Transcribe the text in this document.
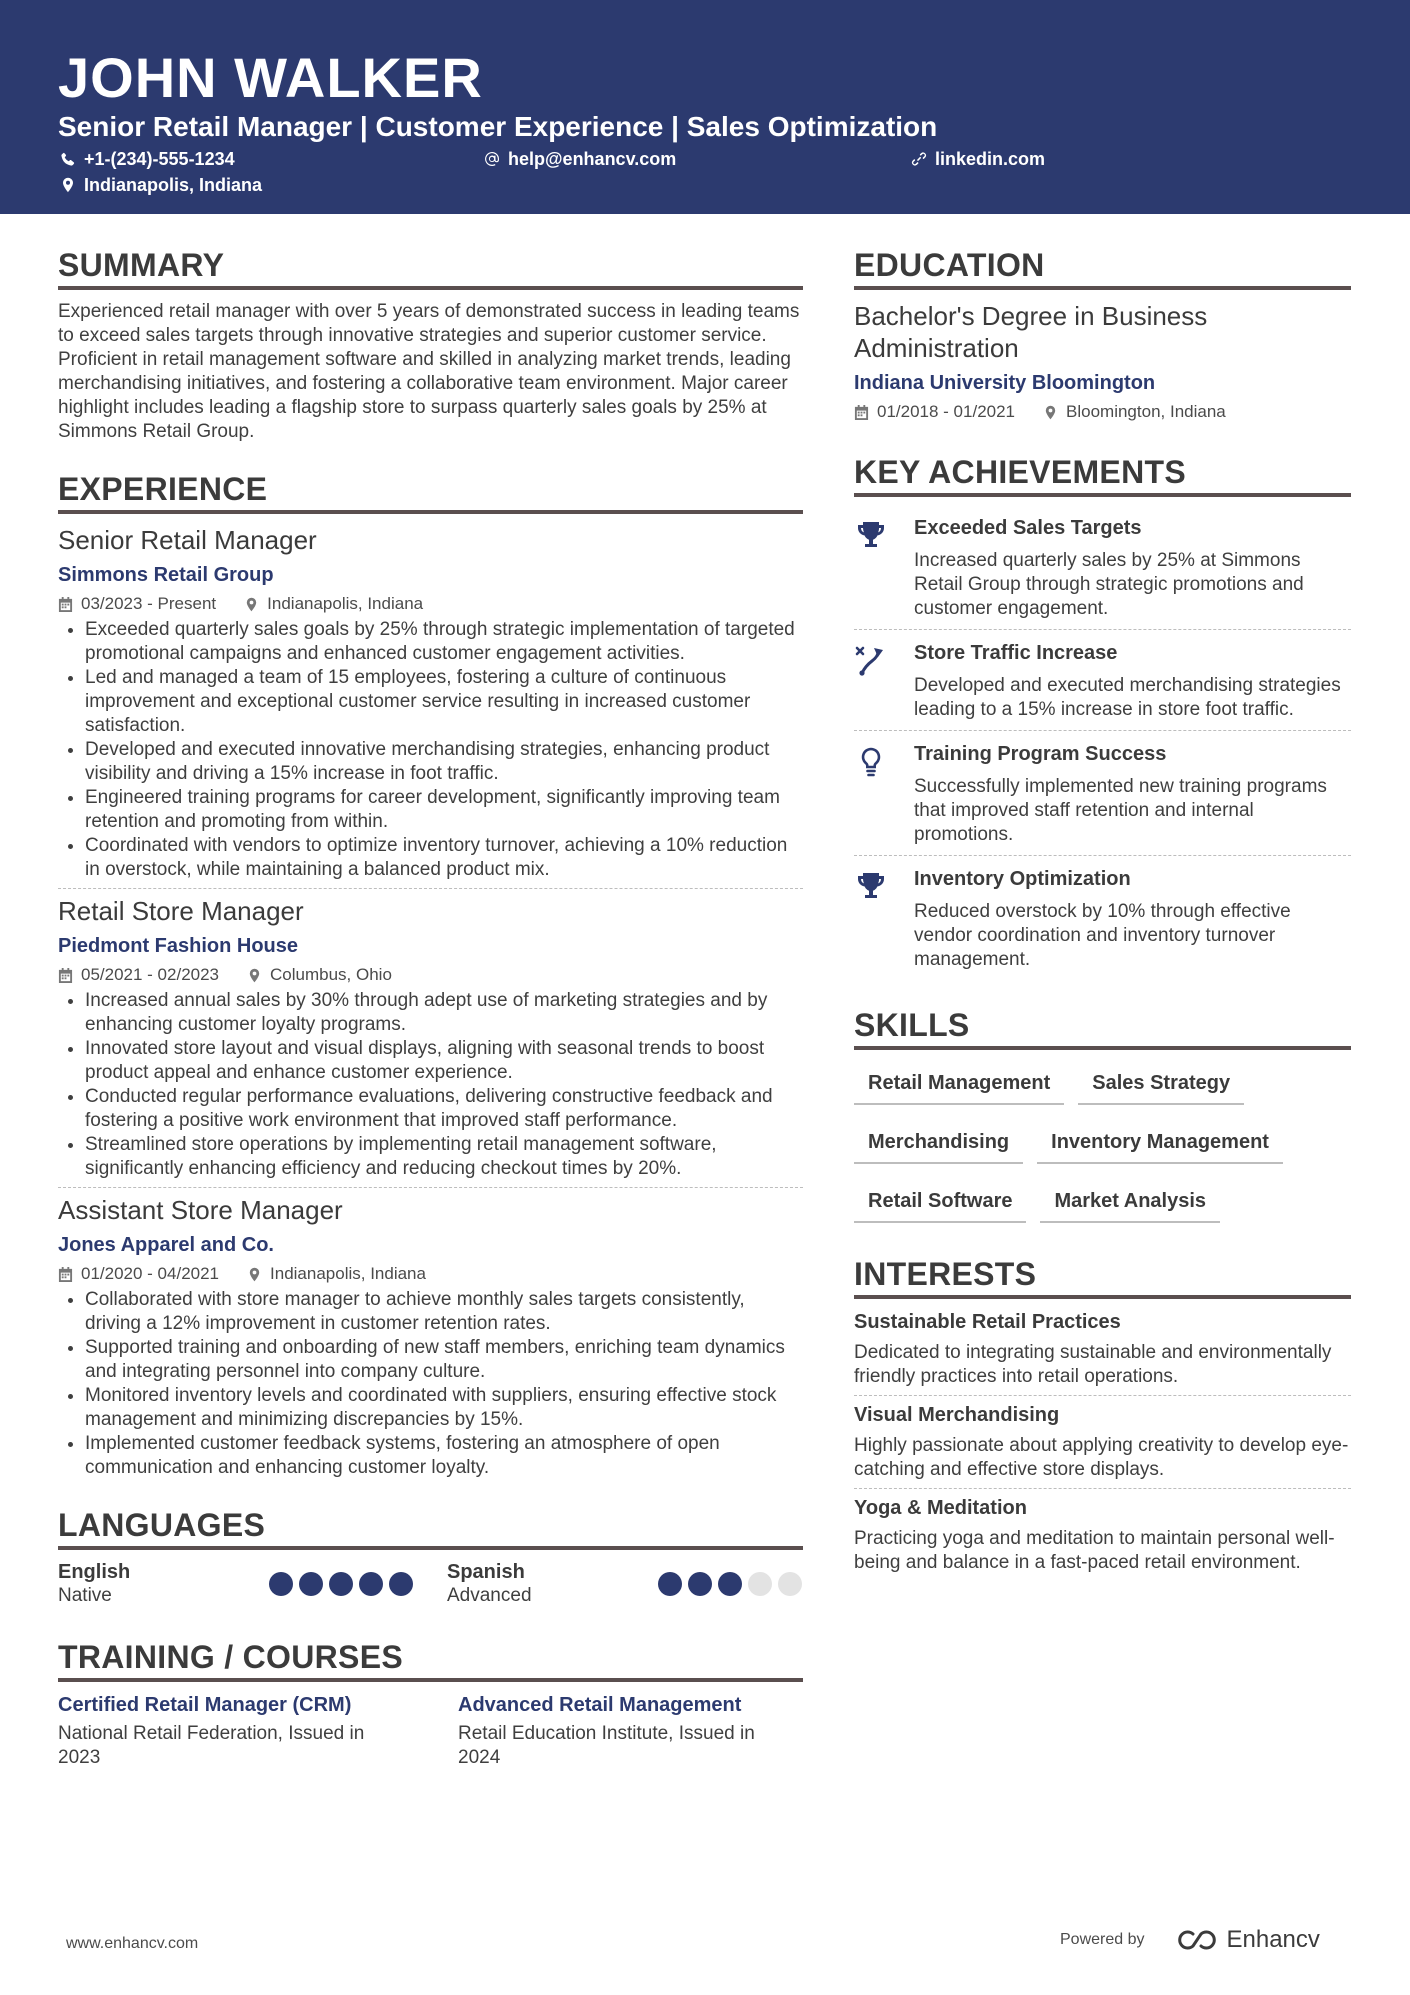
JOHN WALKER
Senior Retail Manager | Customer Experience | Sales Optimization
+1-(234)-555-1234	help@enhancv.com	linkedin.com
Indianapolis, Indiana
SUMMARY
Experienced retail manager with over 5 years of demonstrated success in leading teams to exceed sales targets through innovative strategies and superior customer service. Proficient in retail management software and skilled in analyzing market trends, leading merchandising initiatives, and fostering a collaborative team environment. Major career highlight includes leading a flagship store to surpass quarterly sales goals by 25% at Simmons Retail Group.
EXPERIENCE
Senior Retail Manager
Simmons Retail Group
03/2023 - Present	Indianapolis, Indiana
• Exceeded quarterly sales goals by 25% through strategic implementation of targeted promotional campaigns and enhanced customer engagement activities.
• Led and managed a team of 15 employees, fostering a culture of continuous improvement and exceptional customer service resulting in increased customer satisfaction.
• Developed and executed innovative merchandising strategies, enhancing product visibility and driving a 15% increase in foot traffic.
• Engineered training programs for career development, significantly improving team retention and promoting from within.
• Coordinated with vendors to optimize inventory turnover, achieving a 10% reduction in overstock, while maintaining a balanced product mix.
Retail Store Manager
Piedmont Fashion House
05/2021 - 02/2023	Columbus, Ohio
• Increased annual sales by 30% through adept use of marketing strategies and by enhancing customer loyalty programs.
• Innovated store layout and visual displays, aligning with seasonal trends to boost product appeal and enhance customer experience.
• Conducted regular performance evaluations, delivering constructive feedback and fostering a positive work environment that improved staff performance.
• Streamlined store operations by implementing retail management software, significantly enhancing efficiency and reducing checkout times by 20%.
Assistant Store Manager
Jones Apparel and Co.
01/2020 - 04/2021	Indianapolis, Indiana
• Collaborated with store manager to achieve monthly sales targets consistently, driving a 12% improvement in customer retention rates.
• Supported training and onboarding of new staff members, enriching team dynamics and integrating personnel into company culture.
• Monitored inventory levels and coordinated with suppliers, ensuring effective stock management and minimizing discrepancies by 15%.
• Implemented customer feedback systems, fostering an atmosphere of open communication and enhancing customer loyalty.
LANGUAGES
English
Native
Spanish
Advanced
TRAINING / COURSES
Certified Retail Manager (CRM)
National Retail Federation, Issued in 2023
Advanced Retail Management
Retail Education Institute, Issued in 2024
EDUCATION
Bachelor's Degree in Business Administration
Indiana University Bloomington
01/2018 - 01/2021	Bloomington, Indiana
KEY ACHIEVEMENTS
Exceeded Sales Targets
Increased quarterly sales by 25% at Simmons Retail Group through strategic promotions and customer engagement.
Store Traffic Increase
Developed and executed merchandising strategies leading to a 15% increase in store foot traffic.
Training Program Success
Successfully implemented new training programs that improved staff retention and internal promotions.
Inventory Optimization
Reduced overstock by 10% through effective vendor coordination and inventory turnover management.
SKILLS
Retail Management	Sales Strategy
Merchandising	Inventory Management
Retail Software	Market Analysis
INTERESTS
Sustainable Retail Practices
Dedicated to integrating sustainable and environmentally friendly practices into retail operations.
Visual Merchandising
Highly passionate about applying creativity to develop eye-catching and effective store displays.
Yoga & Meditation
Practicing yoga and meditation to maintain personal well-being and balance in a fast-paced retail environment.
www.enhancv.com	Powered by	Enhancv
